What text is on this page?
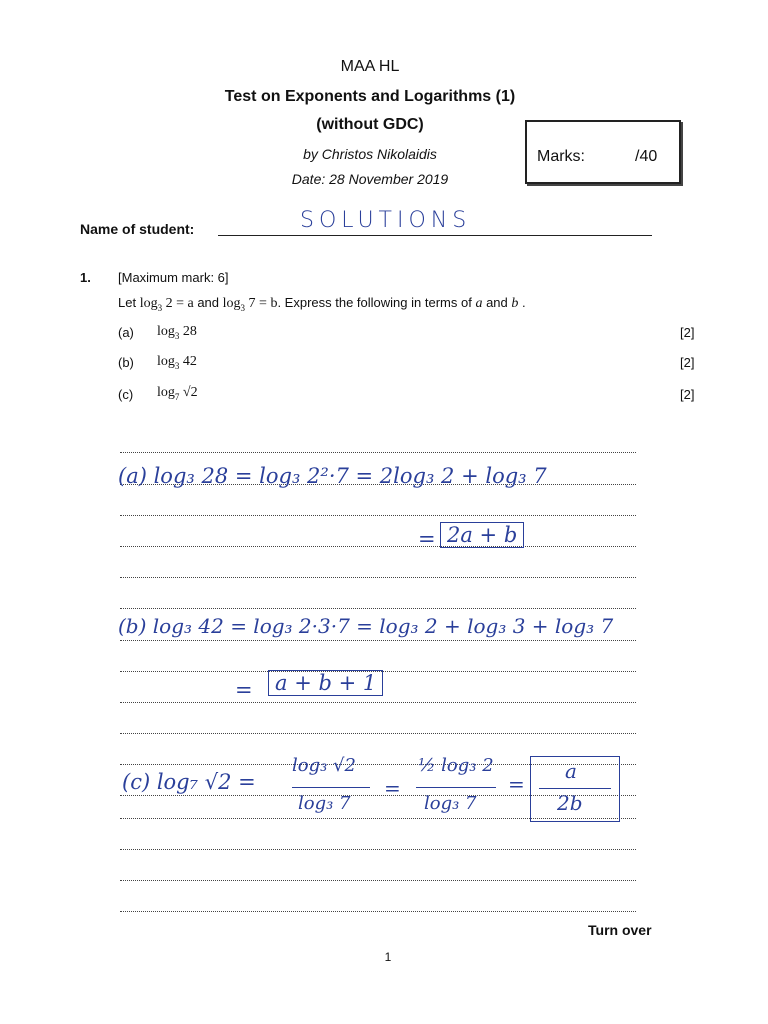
MAA HL
Test on Exponents and Logarithms (1)
(without GDC)
by Christos Nikolaidis
Date: 28 November 2019
Marks:	/40
Name of student:	SOLUTIONS
1. [Maximum mark: 6]
Let $\log_3 2 = a$ and $\log_3 7 = b$. Express the following in terms of a and b .
(a) $\log_3 28$	[2]
(b) $\log_3 42$	[2]
(c) $\log_7 √2$	[2]
(a) log₃ 28 = log₃ 2²·7 = 2log₃ 2 + log₃ 7
= 2a + b
(b) log₃ 42 = log₃ 2·3·7 = log₃ 2 + log₃ 3 + log₃ 7
=	a + b + 1
(c) log₇ √2 =
log₃ √2
log₃ 7
=
½ log₃ 2
log₃ 7
=
a
2b
Turn over
1
